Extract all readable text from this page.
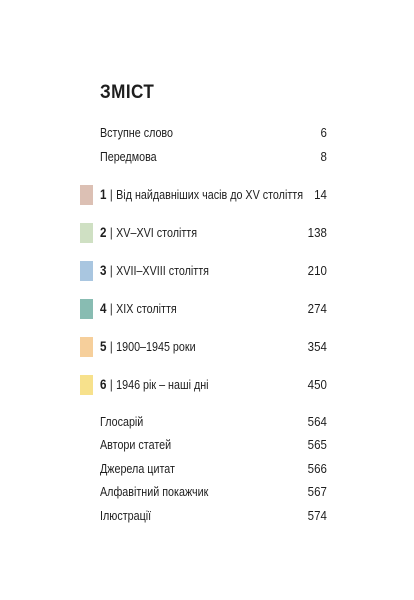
ЗМІСТ
Вступне слово	6
Передмова	8
1 | Від найдавніших часів до XV століття 14
2 | XV–XVI століття	138
3 | XVII–XVIII століття	210
4 | XIX століття	274
5 | 1900–1945 роки	354
6 | 1946 рік – наші дні	450
Глосарій	564
Автори статей	565
Джерела цитат	566
Алфавітний покажчик	567
Ілюстрації	574
